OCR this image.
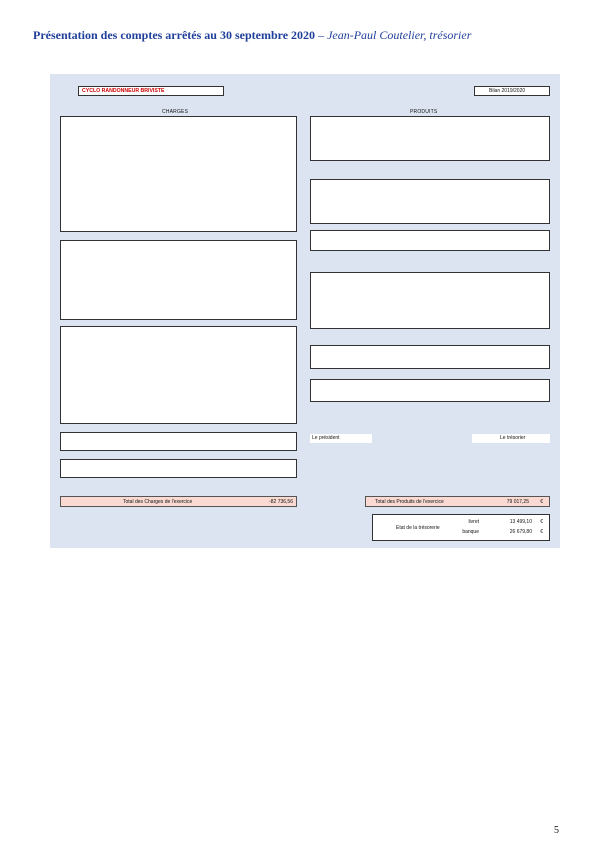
Présentation des comptes arrêtés au 30 septembre 2020 – Jean-Paul Coutelier, trésorier
CYCLO RANDONNEUR BRIVISTE	Bilan 2019/2020
CHARGES	PRODUITS
Le président	Le trésorier
Total des Charges de l'exercice	-82 736,56	Total des Produits de l'exercice	79 017,25 €
Etat de la trésorerie
livret	13 499,10 €
banque	26 679,80 €
5
